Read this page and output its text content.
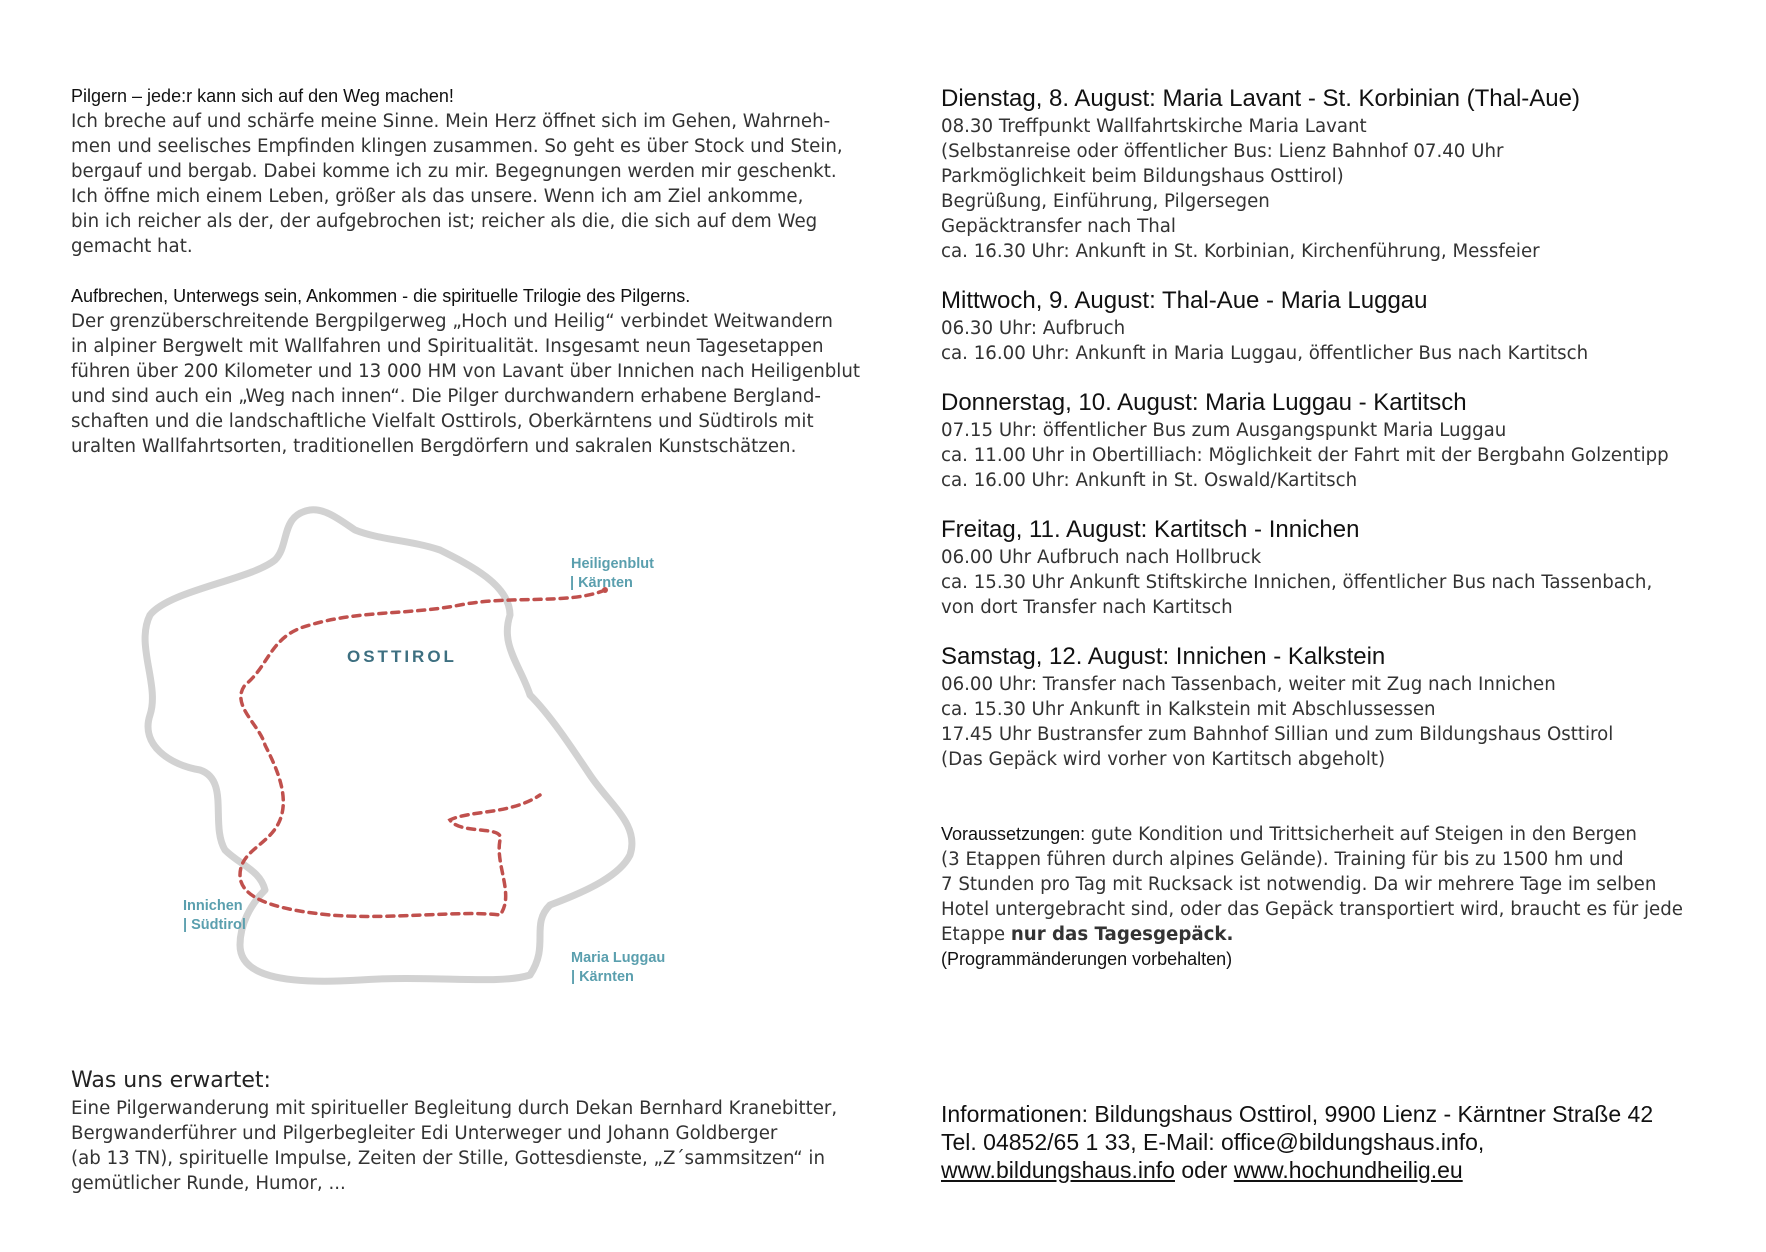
Pilgern – jede:r kann sich auf den Weg machen!

Ich breche auf und schärfe meine Sinne. Mein Herz öffnet sich im Gehen, Wahrneh-
men und seelisches Empfinden klingen zusammen. So geht es über Stock und Stein,
bergauf und bergab. Dabei komme ich zu mir. Begegnungen werden mir geschenkt.
Ich öffne mich einem Leben, größer als das unsere. Wenn ich am Ziel ankomme,
bin ich reicher als der, der aufgebrochen ist; reicher als die, die sich auf dem Weg
gemacht hat.

Aufbrechen, Unterwegs sein, Ankommen - die spirituelle Trilogie des Pilgerns.

Der grenzüberschreitende Bergpilgerweg „Hoch und Heilig“ verbindet Weitwandern
in alpiner Bergwelt mit Wallfahren und Spiritualität. Insgesamt neun Tagesetappen
führen über 200 Kilometer und 13 000 HM von Lavant über Innichen nach Heiligenblut
und sind auch ein „Weg nach innen“. Die Pilger durchwandern erhabene Bergland-
schaften und die landschaftliche Vielfalt Osttirols, Oberkärntens und Südtirols mit
uralten Wallfahrtsorten, traditionellen Bergdörfern und sakralen Kunstschätzen.

OSTTIROL
Heiligenblut
| Kärnten
Innichen
| Südtirol
Maria Luggau
| Kärnten

Was uns erwartet:

Eine Pilgerwanderung mit spiritueller Begleitung durch Dekan Bernhard Kranebitter,
Bergwanderführer und Pilgerbegleiter Edi Unterweger und Johann Goldberger
(ab 13 TN), spirituelle Impulse, Zeiten der Stille, Gottesdienste, „Z´sammsitzen“ in
gemütlicher Runde, Humor, ...

Dienstag, 8. August: Maria Lavant - St. Korbinian (Thal-Aue)

08.30 Treffpunkt Wallfahrtskirche Maria Lavant
(Selbstanreise oder öffentlicher Bus: Lienz Bahnhof 07.40 Uhr
Parkmöglichkeit beim Bildungshaus Osttirol)
Begrüßung, Einführung, Pilgersegen
Gepäcktransfer nach Thal
ca. 16.30 Uhr: Ankunft in St. Korbinian, Kirchenführung, Messfeier

Mittwoch, 9. August: Thal-Aue - Maria Luggau

06.30 Uhr: Aufbruch
ca. 16.00 Uhr: Ankunft in Maria Luggau, öffentlicher Bus nach Kartitsch

Donnerstag, 10. August: Maria Luggau - Kartitsch

07.15 Uhr: öffentlicher Bus zum Ausgangspunkt Maria Luggau
ca. 11.00 Uhr in Obertilliach: Möglichkeit der Fahrt mit der Bergbahn Golzentipp
ca. 16.00 Uhr: Ankunft in St. Oswald/Kartitsch

Freitag, 11. August: Kartitsch - Innichen

06.00 Uhr Aufbruch nach Hollbruck
ca. 15.30 Uhr Ankunft Stiftskirche Innichen, öffentlicher Bus nach Tassenbach,
von dort Transfer nach Kartitsch

Samstag, 12. August: Innichen - Kalkstein

06.00 Uhr: Transfer nach Tassenbach, weiter mit Zug nach Innichen
ca. 15.30 Uhr Ankunft in Kalkstein mit Abschlussessen
17.45 Uhr Bustransfer zum Bahnhof Sillian und zum Bildungshaus Osttirol
(Das Gepäck wird vorher von Kartitsch abgeholt)

Voraussetzungen: gute Kondition und Trittsicherheit auf Steigen in den Bergen
(3 Etappen führen durch alpines Gelände). Training für bis zu 1500 hm und
7 Stunden pro Tag mit Rucksack ist notwendig. Da wir mehrere Tage im selben
Hotel untergebracht sind, oder das Gepäck transportiert wird, braucht es für jede
Etappe nur das Tagesgepäck.

(Programmänderungen vorbehalten)

Informationen: Bildungshaus Osttirol, 9900 Lienz - Kärntner Straße 42
Tel. 04852/65 1 33, E-Mail: office@bildungshaus.info,
www.bildungshaus.info oder www.hochundheilig.eu
